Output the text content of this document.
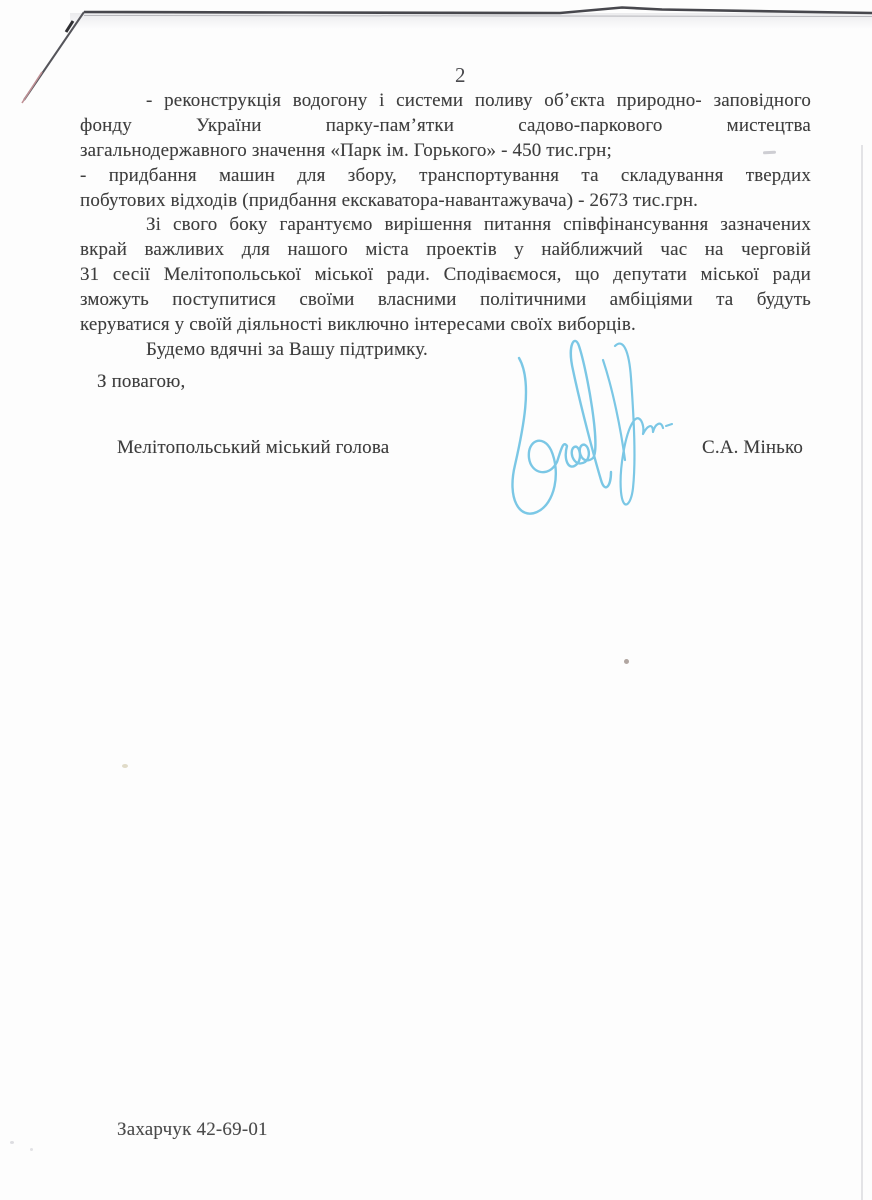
2
- реконструкція водогону і системи поливу об’єкта природно- заповідного
фонду України парку-пам’ятки садово-паркового мистецтва
загальнодержавного значення «Парк ім. Горького» - 450 тис.грн;
- придбання машин для збору, транспортування та складування твердих
побутових відходів (придбання екскаватора-навантажувача) - 2673 тис.грн.
Зі свого боку гарантуємо вирішення питання співфінансування зазначених
вкрай важливих для нашого міста проектів у найближчий час на черговій
31 сесії Мелітопольської міської ради. Сподіваємося, що депутати міської ради
зможуть поступитися своїми власними політичними амбіціями та будуть
керуватися у своїй діяльності виключно інтересами своїх виборців.
Будемо вдячні за Вашу підтримку.
З повагою,
Мелітопольський міський голова	С.А. Мінько
Захарчук 42-69-01
